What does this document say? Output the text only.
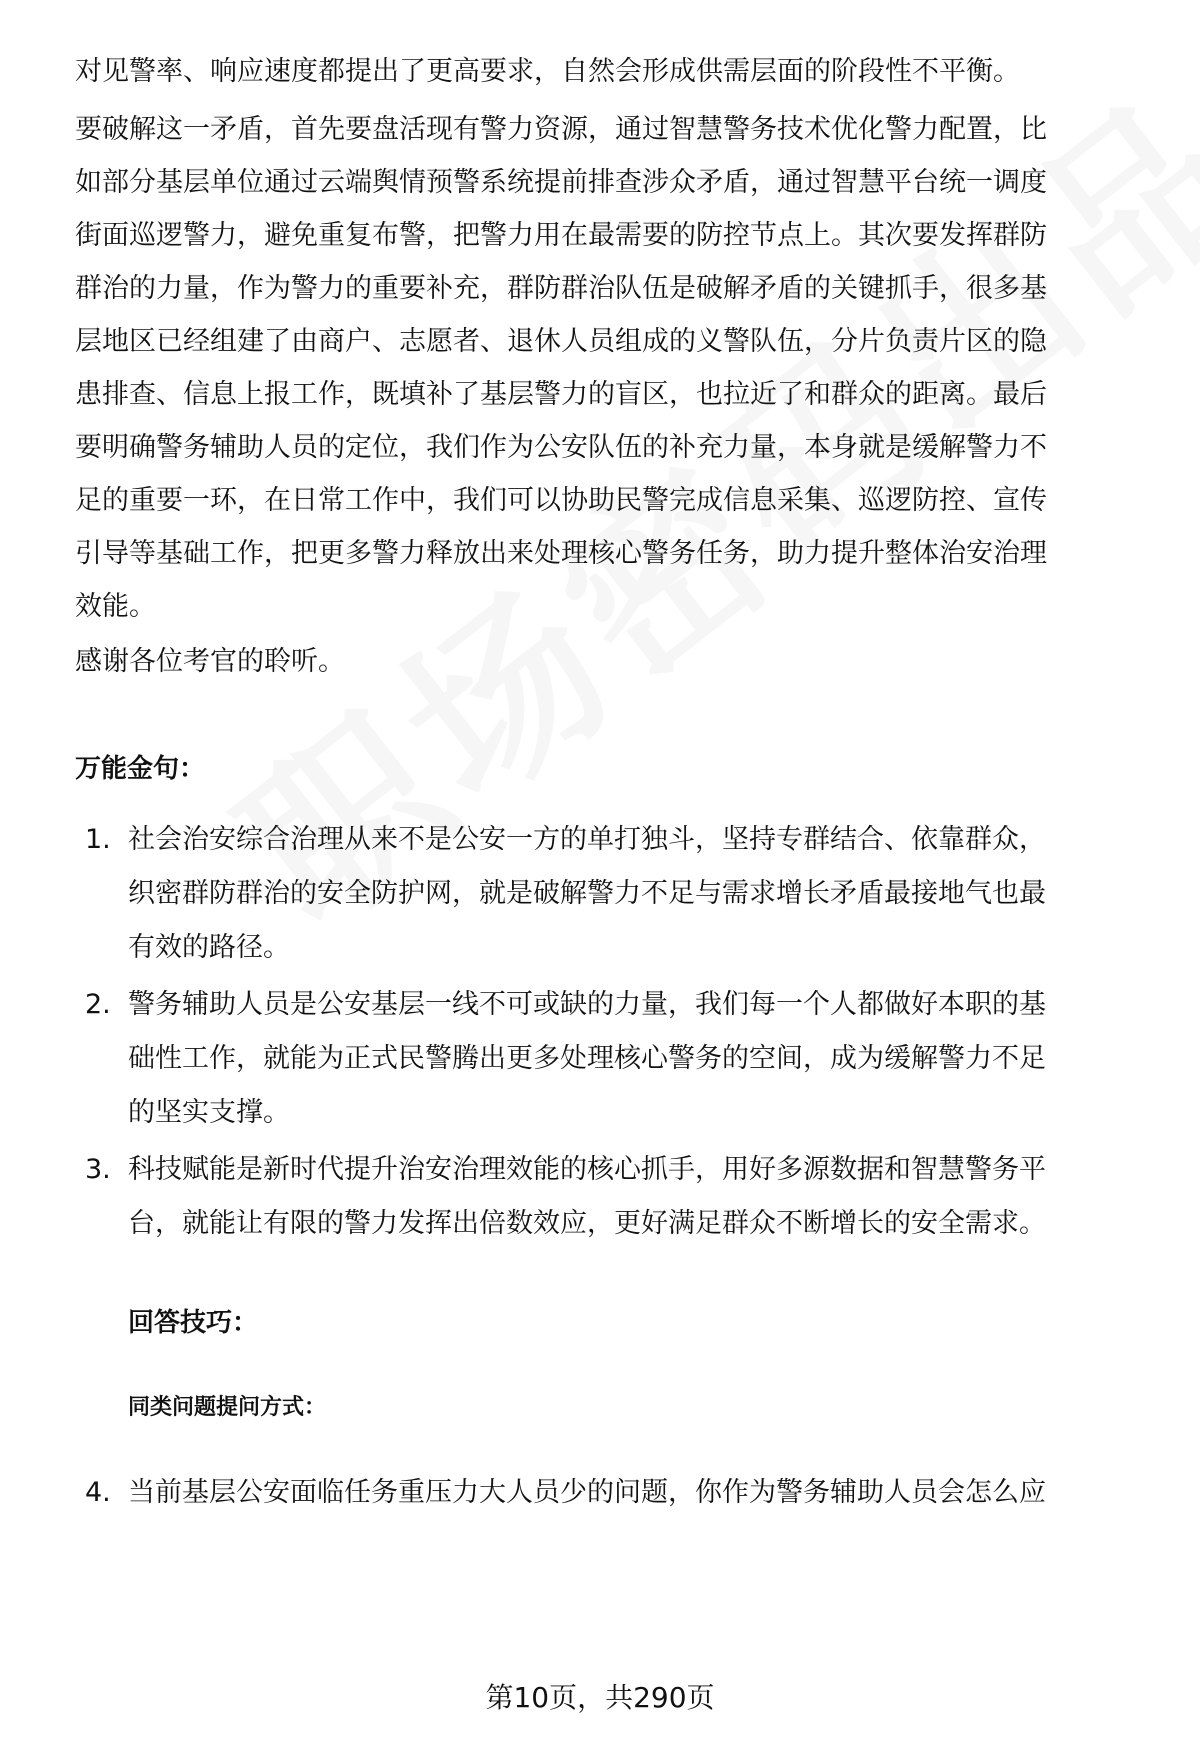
对见警率、响应速度都提出了更高要求，自然会形成供需层面的阶段性不平衡。
要破解这一矛盾，首先要盘活现有警力资源，通过智慧警务技术优化警力配置，比
如部分基层单位通过云端舆情预警系统提前排查涉众矛盾，通过智慧平台统一调度
街面巡逻警力，避免重复布警，把警力用在最需要的防控节点上。其次要发挥群防
群治的力量，作为警力的重要补充，群防群治队伍是破解矛盾的关键抓手，很多基
层地区已经组建了由商户、志愿者、退休人员组成的义警队伍，分片负责片区的隐
患排查、信息上报工作，既填补了基层警力的盲区，也拉近了和群众的距离。最后
要明确警务辅助人员的定位，我们作为公安队伍的补充力量，本身就是缓解警力不
足的重要一环，在日常工作中，我们可以协助民警完成信息采集、巡逻防控、宣传
引导等基础工作，把更多警力释放出来处理核心警务任务，助力提升整体治安治理
效能。
感谢各位考官的聆听。
万能金句：
1. 社会治安综合治理从来不是公安一方的单打独斗，坚持专群结合、依靠群众，
织密群防群治的安全防护网，就是破解警力不足与需求增长矛盾最接地气也最
有效的路径。
2. 警务辅助人员是公安基层一线不可或缺的力量，我们每一个人都做好本职的基
础性工作，就能为正式民警腾出更多处理核心警务的空间，成为缓解警力不足
的坚实支撑。
3. 科技赋能是新时代提升治安治理效能的核心抓手，用好多源数据和智慧警务平
台，就能让有限的警力发挥出倍数效应，更好满足群众不断增长的安全需求。
回答技巧：
同类问题提问方式：
4. 当前基层公安面临任务重压力大人员少的问题，你作为警务辅助人员会怎么应
第10页，共290页
